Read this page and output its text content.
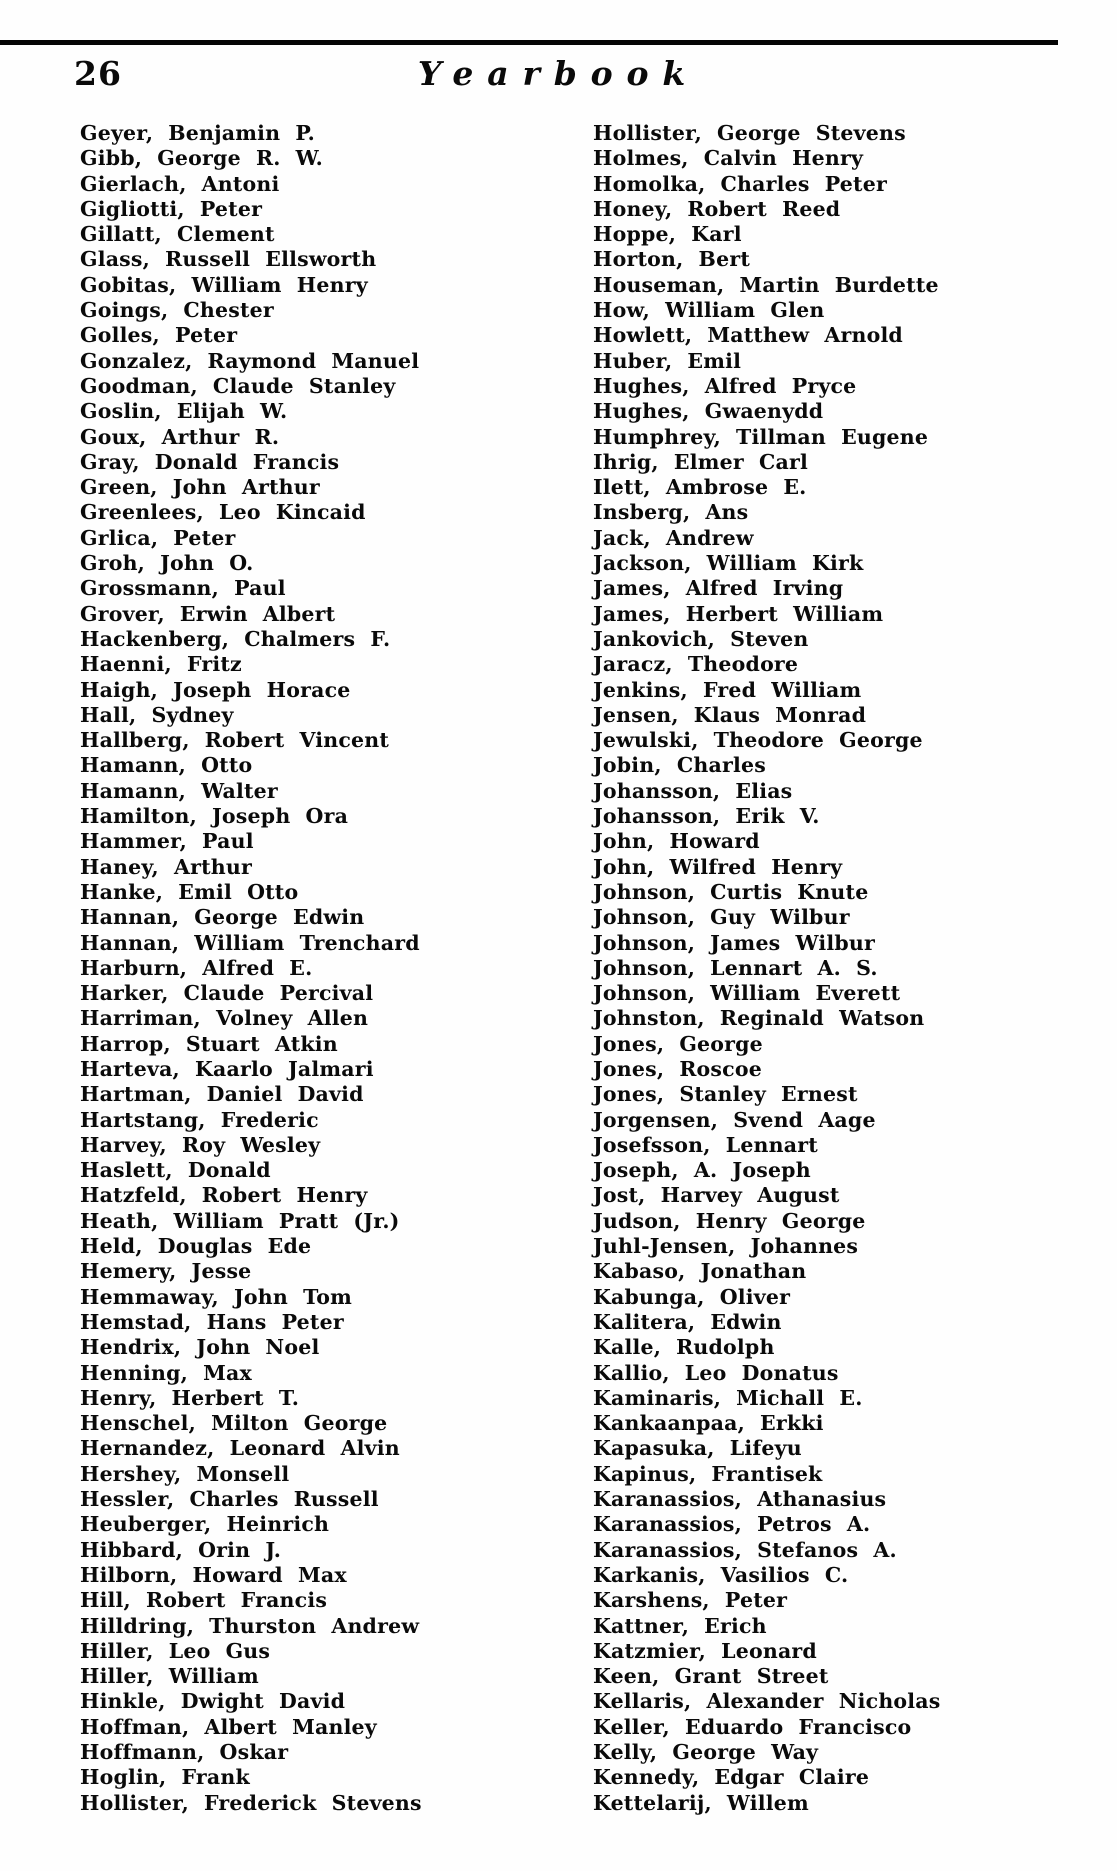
26	Yearbook
Geyer, Benjamin P.
Gibb, George R. W.
Gierlach, Antoni
Gigliotti, Peter
Gillatt, Clement
Glass, Russell Ellsworth
Gobitas, William Henry
Goings, Chester
Golles, Peter
Gonzalez, Raymond Manuel
Goodman, Claude Stanley
Goslin, Elijah W.
Goux, Arthur R.
Gray, Donald Francis
Green, John Arthur
Greenlees, Leo Kincaid
Grlica, Peter
Groh, John O.
Grossmann, Paul
Grover, Erwin Albert
Hackenberg, Chalmers F.
Haenni, Fritz
Haigh, Joseph Horace
Hall, Sydney
Hallberg, Robert Vincent
Hamann, Otto
Hamann, Walter
Hamilton, Joseph Ora
Hammer, Paul
Haney, Arthur
Hanke, Emil Otto
Hannan, George Edwin
Hannan, William Trenchard
Harburn, Alfred E.
Harker, Claude Percival
Harriman, Volney Allen
Harrop, Stuart Atkin
Harteva, Kaarlo Jalmari
Hartman, Daniel David
Hartstang, Frederic
Harvey, Roy Wesley
Haslett, Donald
Hatzfeld, Robert Henry
Heath, William Pratt (Jr.)
Held, Douglas Ede
Hemery, Jesse
Hemmaway, John Tom
Hemstad, Hans Peter
Hendrix, John Noel
Henning, Max
Henry, Herbert T.
Henschel, Milton George
Hernandez, Leonard Alvin
Hershey, Monsell
Hessler, Charles Russell
Heuberger, Heinrich
Hibbard, Orin J.
Hilborn, Howard Max
Hill, Robert Francis
Hilldring, Thurston Andrew
Hiller, Leo Gus
Hiller, William
Hinkle, Dwight David
Hoffman, Albert Manley
Hoffmann, Oskar
Hoglin, Frank
Hollister, Frederick Stevens
Hollister, George Stevens
Holmes, Calvin Henry
Homolka, Charles Peter
Honey, Robert Reed
Hoppe, Karl
Horton, Bert
Houseman, Martin Burdette
How, William Glen
Howlett, Matthew Arnold
Huber, Emil
Hughes, Alfred Pryce
Hughes, Gwaenydd
Humphrey, Tillman Eugene
Ihrig, Elmer Carl
Ilett, Ambrose E.
Insberg, Ans
Jack, Andrew
Jackson, William Kirk
James, Alfred Irving
James, Herbert William
Jankovich, Steven
Jaracz, Theodore
Jenkins, Fred William
Jensen, Klaus Monrad
Jewulski, Theodore George
Jobin, Charles
Johansson, Elias
Johansson, Erik V.
John, Howard
John, Wilfred Henry
Johnson, Curtis Knute
Johnson, Guy Wilbur
Johnson, James Wilbur
Johnson, Lennart A. S.
Johnson, William Everett
Johnston, Reginald Watson
Jones, George
Jones, Roscoe
Jones, Stanley Ernest
Jorgensen, Svend Aage
Josefsson, Lennart
Joseph, A. Joseph
Jost, Harvey August
Judson, Henry George
Juhl-Jensen, Johannes
Kabaso, Jonathan
Kabunga, Oliver
Kalitera, Edwin
Kalle, Rudolph
Kallio, Leo Donatus
Kaminaris, Michall E.
Kankaanpaa, Erkki
Kapasuka, Lifeyu
Kapinus, Frantisek
Karanassios, Athanasius
Karanassios, Petros A.
Karanassios, Stefanos A.
Karkanis, Vasilios C.
Karshens, Peter
Kattner, Erich
Katzmier, Leonard
Keen, Grant Street
Kellaris, Alexander Nicholas
Keller, Eduardo Francisco
Kelly, George Way
Kennedy, Edgar Claire
Kettelarij, Willem
